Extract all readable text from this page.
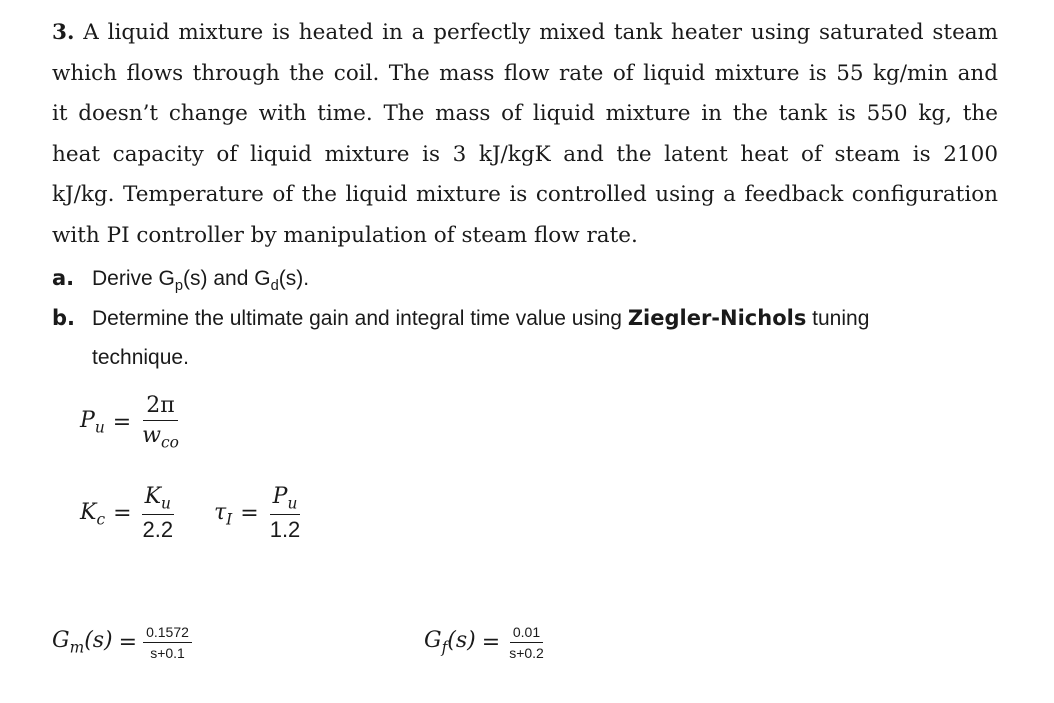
3. A liquid mixture is heated in a perfectly mixed tank heater using saturated steam
which flows through the coil. The mass flow rate of liquid mixture is 55 kg/min and
it doesn’t change with time. The mass of liquid mixture in the tank is 550 kg, the
heat capacity of liquid mixture is 3 kJ/kgK and the latent heat of steam is 2100
kJ/kg. Temperature of the liquid mixture is controlled using a feedback configuration
with PI controller by manipulation of steam flow rate.
a. Derive $G_p(s)$ and $G_d(s)$.
b. Determine the ultimate gain and integral time value using Ziegler-Nichols tuning
technique.
$P_u = \frac{2\pi}{w_{co}}$
$K_c = \frac{K_u}{2.2} \tau_I = \frac{P_u}{1.2}$
$G_m(s) = \frac{0.1572}{s+0.1}$	$G_f(s) = \frac{0.01}{s+0.2}$
